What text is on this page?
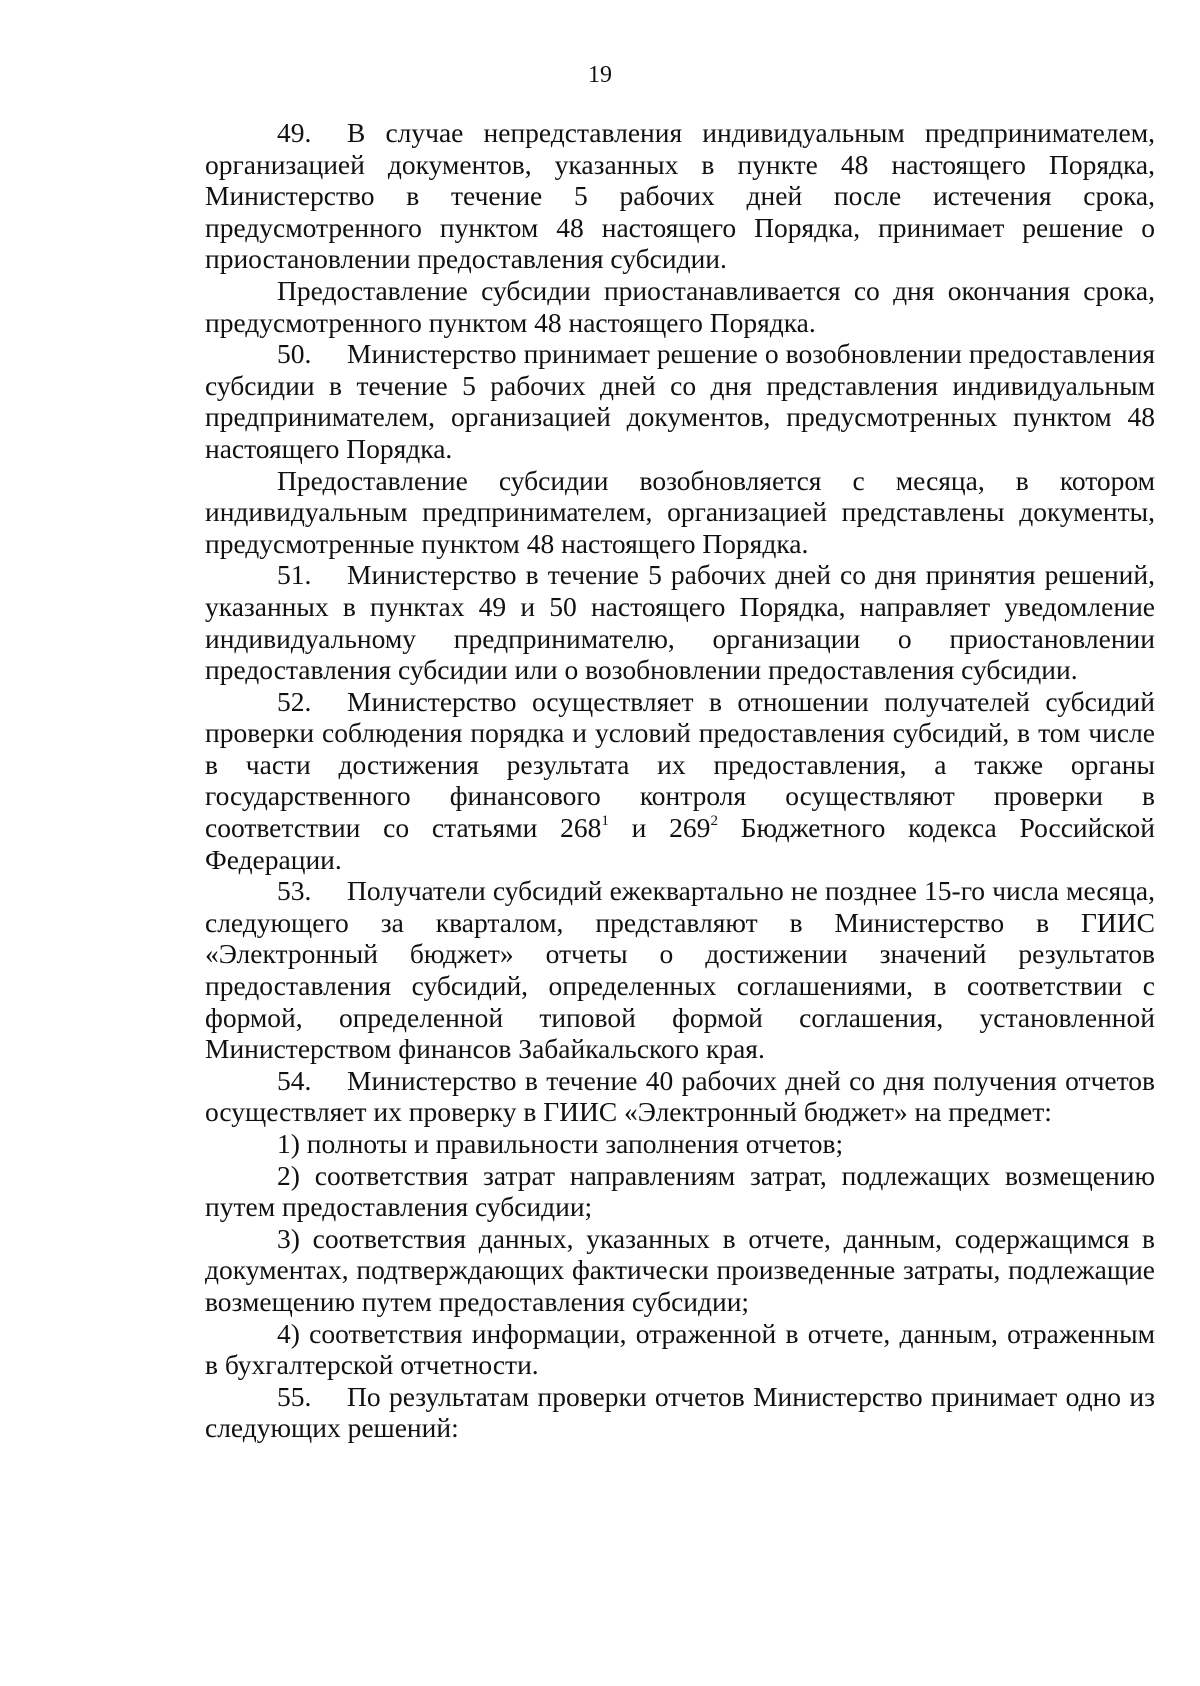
19

49. В случае непредставления индивидуальным предпринимателем, организацией документов, указанных в пункте 48 настоящего Порядка, Министерство в течение 5 рабочих дней после истечения срока, предусмотренного пунктом 48 настоящего Порядка, принимает решение о приостановлении предоставления субсидии.

Предоставление субсидии приостанавливается со дня окончания срока, предусмотренного пунктом 48 настоящего Порядка.

50. Министерство принимает решение о возобновлении предоставления субсидии в течение 5 рабочих дней со дня представления индивидуальным предпринимателем, организацией документов, предусмотренных пунктом 48 настоящего Порядка.

Предоставление субсидии возобновляется с месяца, в котором индивидуальным предпринимателем, организацией представлены документы, предусмотренные пунктом 48 настоящего Порядка.

51. Министерство в течение 5 рабочих дней со дня принятия решений, указанных в пунктах 49 и 50 настоящего Порядка, направляет уведомление индивидуальному предпринимателю, организации о приостановлении предоставления субсидии или о возобновлении предоставления субсидии.

52. Министерство осуществляет в отношении получателей субсидий проверки соблюдения порядка и условий предоставления субсидий, в том числе в части достижения результата их предоставления, а также органы государственного финансового контроля осуществляют проверки в соответствии со статьями $268^1$ и $269^2$ Бюджетного кодекса Российской Федерации.

53. Получатели субсидий ежеквартально не позднее 15-го числа месяца, следующего за кварталом, представляют в Министерство в ГИИС «Электронный бюджет» отчеты о достижении значений результатов предоставления субсидий, определенных соглашениями, в соответствии с формой, определенной типовой формой соглашения, установленной Министерством финансов Забайкальского края.

54. Министерство в течение 40 рабочих дней со дня получения отчетов осуществляет их проверку в ГИИС «Электронный бюджет» на предмет:

1) полноты и правильности заполнения отчетов;

2) соответствия затрат направлениям затрат, подлежащих возмещению путем предоставления субсидии;

3) соответствия данных, указанных в отчете, данным, содержащимся в документах, подтверждающих фактически произведенные затраты, подлежащие возмещению путем предоставления субсидии;

4) соответствия информации, отраженной в отчете, данным, отраженным в бухгалтерской отчетности.

55. По результатам проверки отчетов Министерство принимает одно из следующих решений:
